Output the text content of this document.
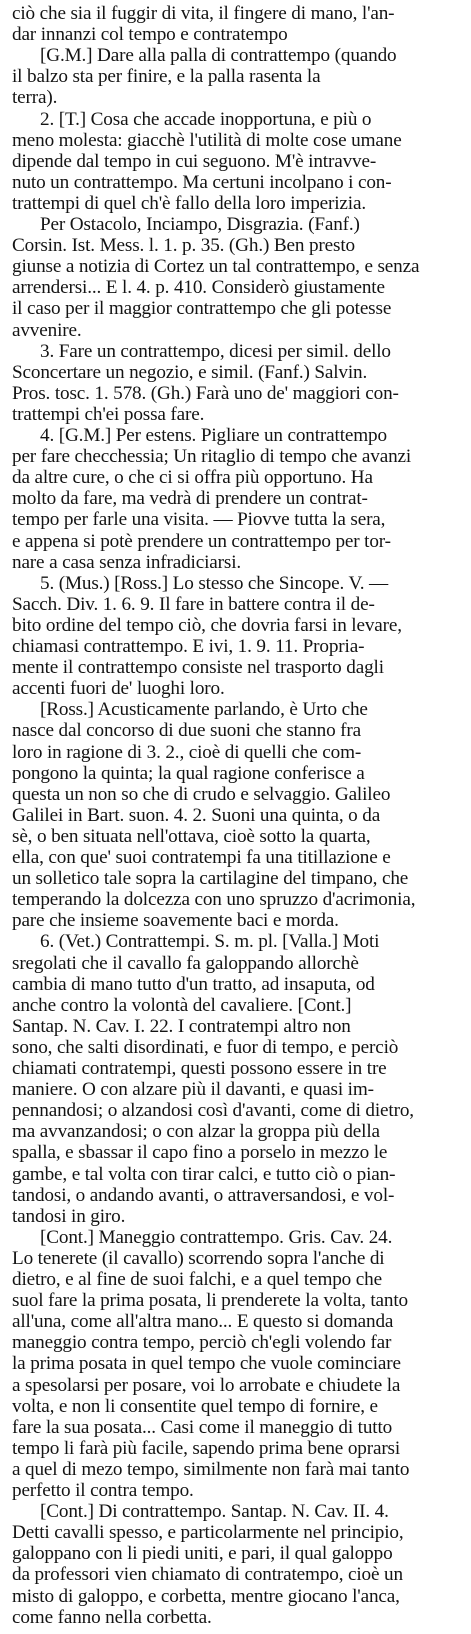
ciò che sia il fuggir di vita, il fingere di mano, l'an-
dar innanzi col tempo e contratempo
[G.M.] Dare alla palla di contrattempo (quando
il balzo sta per finire, e la palla rasenta la
terra).
2. [T.] Cosa che accade inopportuna, e più o
meno molesta: giacchè l'utilità di molte cose umane
dipende dal tempo in cui seguono. M'è intravve-
nuto un contrattempo. Ma certuni incolpano i con-
trattempi di quel ch'è fallo della loro imperizia.
Per Ostacolo, Inciampo, Disgrazia. (Fanf.)
Corsin. Ist. Mess. l. 1. p. 35. (Gh.) Ben presto
giunse a notizia di Cortez un tal contrattempo, e senza
arrendersi... E l. 4. p. 410. Considerò giustamente
il caso per il maggior contrattempo che gli potesse
avvenire.
3. Fare un contrattempo, dicesi per simil. dello
Sconcertare un negozio, e simil. (Fanf.) Salvin.
Pros. tosc. 1. 578. (Gh.) Farà uno de' maggiori con-
trattempi ch'ei possa fare.
4. [G.M.] Per estens. Pigliare un contrattempo
per fare checchessia; Un ritaglio di tempo che avanzi
da altre cure, o che ci si offra più opportuno. Ha
molto da fare, ma vedrà di prendere un contrat-
tempo per farle una visita. — Piovve tutta la sera,
e appena si potè prendere un contrattempo per tor-
nare a casa senza infradiciarsi.
5. (Mus.) [Ross.] Lo stesso che Sincope. V. —
Sacch. Div. 1. 6. 9. Il fare in battere contra il de-
bito ordine del tempo ciò, che dovria farsi in levare,
chiamasi contrattempo. E ivi, 1. 9. 11. Propria-
mente il contrattempo consiste nel trasporto dagli
accenti fuori de' luoghi loro.
[Ross.] Acusticamente parlando, è Urto che
nasce dal concorso di due suoni che stanno fra
loro in ragione di 3. 2., cioè di quelli che com-
pongono la quinta; la qual ragione conferisce a
questa un non so che di crudo e selvaggio. Galileo
Galilei in Bart. suon. 4. 2. Suoni una quinta, o da
sè, o ben situata nell'ottava, cioè sotto la quarta,
ella, con que' suoi contratempi fa una titillazione e
un solletico tale sopra la cartilagine del timpano, che
temperando la dolcezza con uno spruzzo d'acrimonia,
pare che insieme soavemente baci e morda.
6. (Vet.) Contrattempi. S. m. pl. [Valla.] Moti
sregolati che il cavallo fa galoppando allorchè
cambia di mano tutto d'un tratto, ad insaputa, od
anche contro la volontà del cavaliere. [Cont.]
Santap. N. Cav. I. 22. I contratempi altro non
sono, che salti disordinati, e fuor di tempo, e perciò
chiamati contratempi, questi possono essere in tre
maniere. O con alzare più il davanti, e quasi im-
pennandosi; o alzandosi così d'avanti, come di dietro,
ma avvanzandosi; o con alzar la groppa più della
spalla, e sbassar il capo fino a porselo in mezzo le
gambe, e tal volta con tirar calci, e tutto ciò o pian-
tandosi, o andando avanti, o attraversandosi, e vol-
tandosi in giro.
[Cont.] Maneggio contrattempo. Gris. Cav. 24.
Lo tenerete (il cavallo) scorrendo sopra l'anche di
dietro, e al fine de suoi falchi, e a quel tempo che
suol fare la prima posata, li prenderete la volta, tanto
all'una, come all'altra mano... E questo si domanda
maneggio contra tempo, perciò ch'egli volendo far
la prima posata in quel tempo che vuole cominciare
a spesolarsi per posare, voi lo arrobate e chiudete la
volta, e non li consentite quel tempo di fornire, e
fare la sua posata... Casi come il maneggio di tutto
tempo li farà più facile, sapendo prima bene oprarsi
a quel di mezo tempo, similmente non farà mai tanto
perfetto il contra tempo.
[Cont.] Di contrattempo. Santap. N. Cav. II. 4.
Detti cavalli spesso, e particolarmente nel principio,
galoppano con li piedi uniti, e pari, il qual galoppo
da professori vien chiamato di contratempo, cioè un
misto di galoppo, e corbetta, mentre giocano l'anca,
come fanno nella corbetta.
